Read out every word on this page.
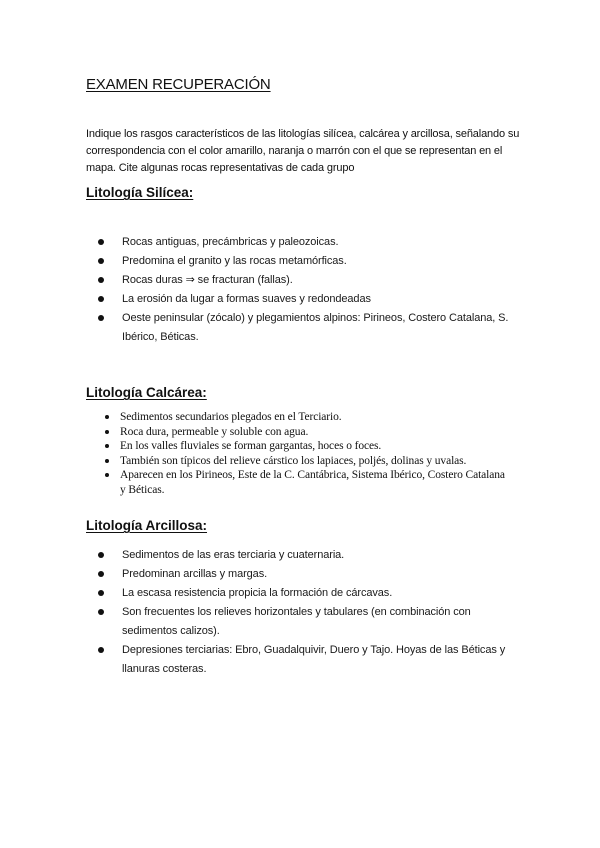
EXAMEN RECUPERACIÓN

Indique los rasgos característicos de las litologías silícea, calcárea y arcillosa, señalando su correspondencia con el color amarillo, naranja o marrón con el que se representan en el mapa. Cite algunas rocas representativas de cada grupo

Litología Silícea:
Rocas antiguas, precámbricas y paleozoicas.
Predomina el granito y las rocas metamórficas.
Rocas duras ⇒ se fracturan (fallas).
La erosión da lugar a formas suaves y redondeadas
Oeste peninsular (zócalo) y plegamientos alpinos: Pirineos, Costero Catalana, S. Ibérico, Béticas.
Litología Calcárea:
Sedimentos secundarios plegados en el Terciario.
Roca dura, permeable y soluble con agua.
En los valles fluviales se forman gargantas, hoces o foces.
También son típicos del relieve cárstico los lapiaces, poljés, dolinas y uvalas.
Aparecen en los Pirineos, Este de la C. Cantábrica, Sistema Ibérico, Costero Catalana y Béticas.
Litología Arcillosa:
Sedimentos de las eras terciaria y cuaternaria.
Predominan arcillas y margas.
La escasa resistencia propicia la formación de cárcavas.
Son frecuentes los relieves horizontales y tabulares (en combinación con sedimentos calizos).
Depresiones terciarias: Ebro, Guadalquivir, Duero y Tajo. Hoyas de las Béticas y llanuras costeras.
